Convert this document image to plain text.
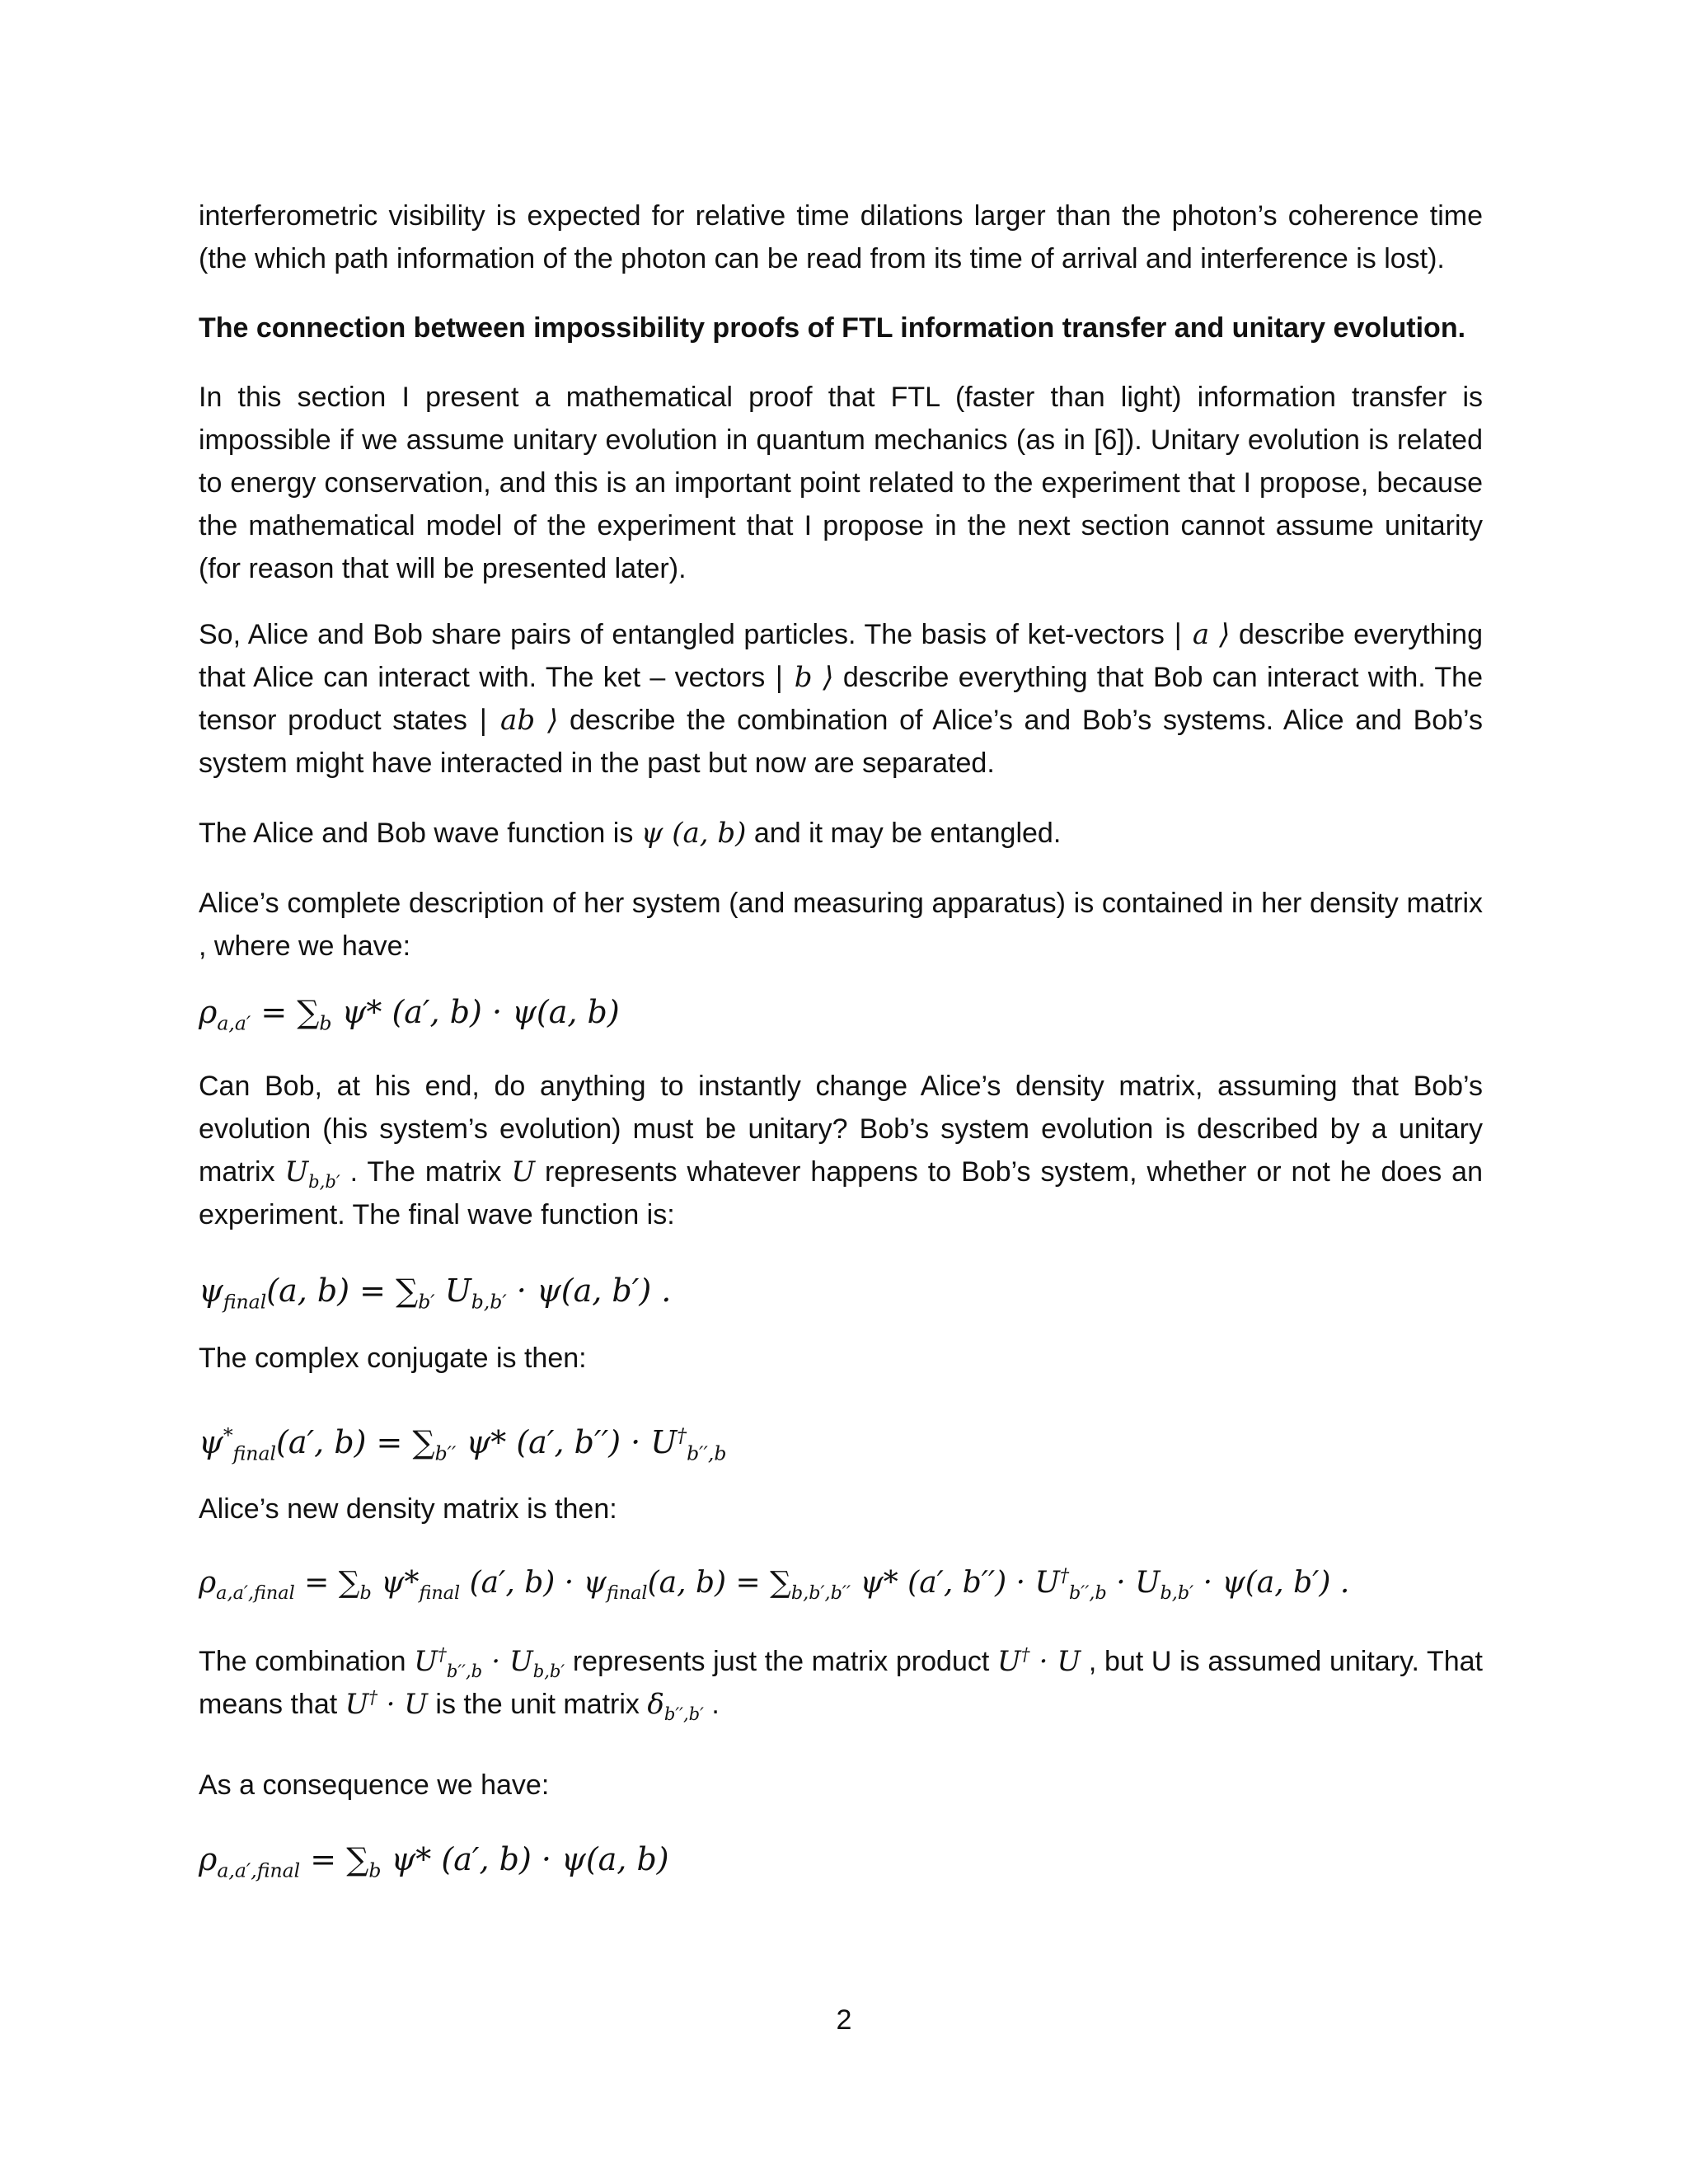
interferometric visibility is expected for relative time dilations larger than the photon’s coherence time (the which path information of the photon can be read from its time of arrival and interference is lost).
The connection between impossibility proofs of FTL information transfer and unitary evolution.
In this section I present a mathematical proof that FTL (faster than light) information transfer is impossible if we assume unitary evolution in quantum mechanics (as in [6]). Unitary evolution is related to energy conservation, and this is an important point related to the experiment that I propose, because the mathematical model of the experiment that I propose in the next section cannot assume unitarity (for reason that will be presented later).
So, Alice and Bob share pairs of entangled particles. The basis of ket-vectors | a ⟩ describe everything that Alice can interact with. The ket – vectors | b ⟩ describe everything that Bob can interact with. The tensor product states | ab ⟩ describe the combination of Alice’s and Bob’s systems. Alice and Bob’s system might have interacted in the past but now are separated.
The Alice and Bob wave function is ψ (a, b) and it may be entangled.
Alice’s complete description of her system (and measuring apparatus) is contained in her density matrix , where we have:
$\rho_{a,a'} = \sum_b$ ψ* (a′, b) · ψ(a, b)
Can Bob, at his end, do anything to instantly change Alice’s density matrix, assuming that Bob’s evolution (his system’s evolution) must be unitary? Bob’s system evolution is described by a unitary matrix $U_{b,b'}$ . The matrix U represents whatever happens to Bob’s system, whether or not he does an experiment. The final wave function is:
$\psi_{final}(a$, $b) = \sum_{b'}$ $U_{b,b'} \cdot \psi(a$, b′) .
The complex conjugate is then:
$\psi^*_{final}(a'$, $b) = \sum_{b''}$ ψ* (a′, $b'') \cdot U^\dagger_{b'',b}$
Alice’s new density matrix is then:
$\rho_{a,a',final} = \sum_b$ $\psi*_{final}$ (a′, $b) \cdot \psi_{final}(a$, $b) = \sum_{b,b',b''}$ ψ* (a′, $b'') \cdot U^\dagger_{b'',b} \cdot U_{b,b'} \cdot \psi(a$, b′) .
The combination $U^\dagger_{b'',b} \cdot U_{b,b'}$ represents just the matrix product U† · U , but U is assumed unitary. That means that U† · U is the unit matrix $\delta_{b'',b'}$ .
As a consequence we have:
$\rho_{a,a',final} = \sum_b$ ψ* (a′, b) · ψ(a, b)
2
